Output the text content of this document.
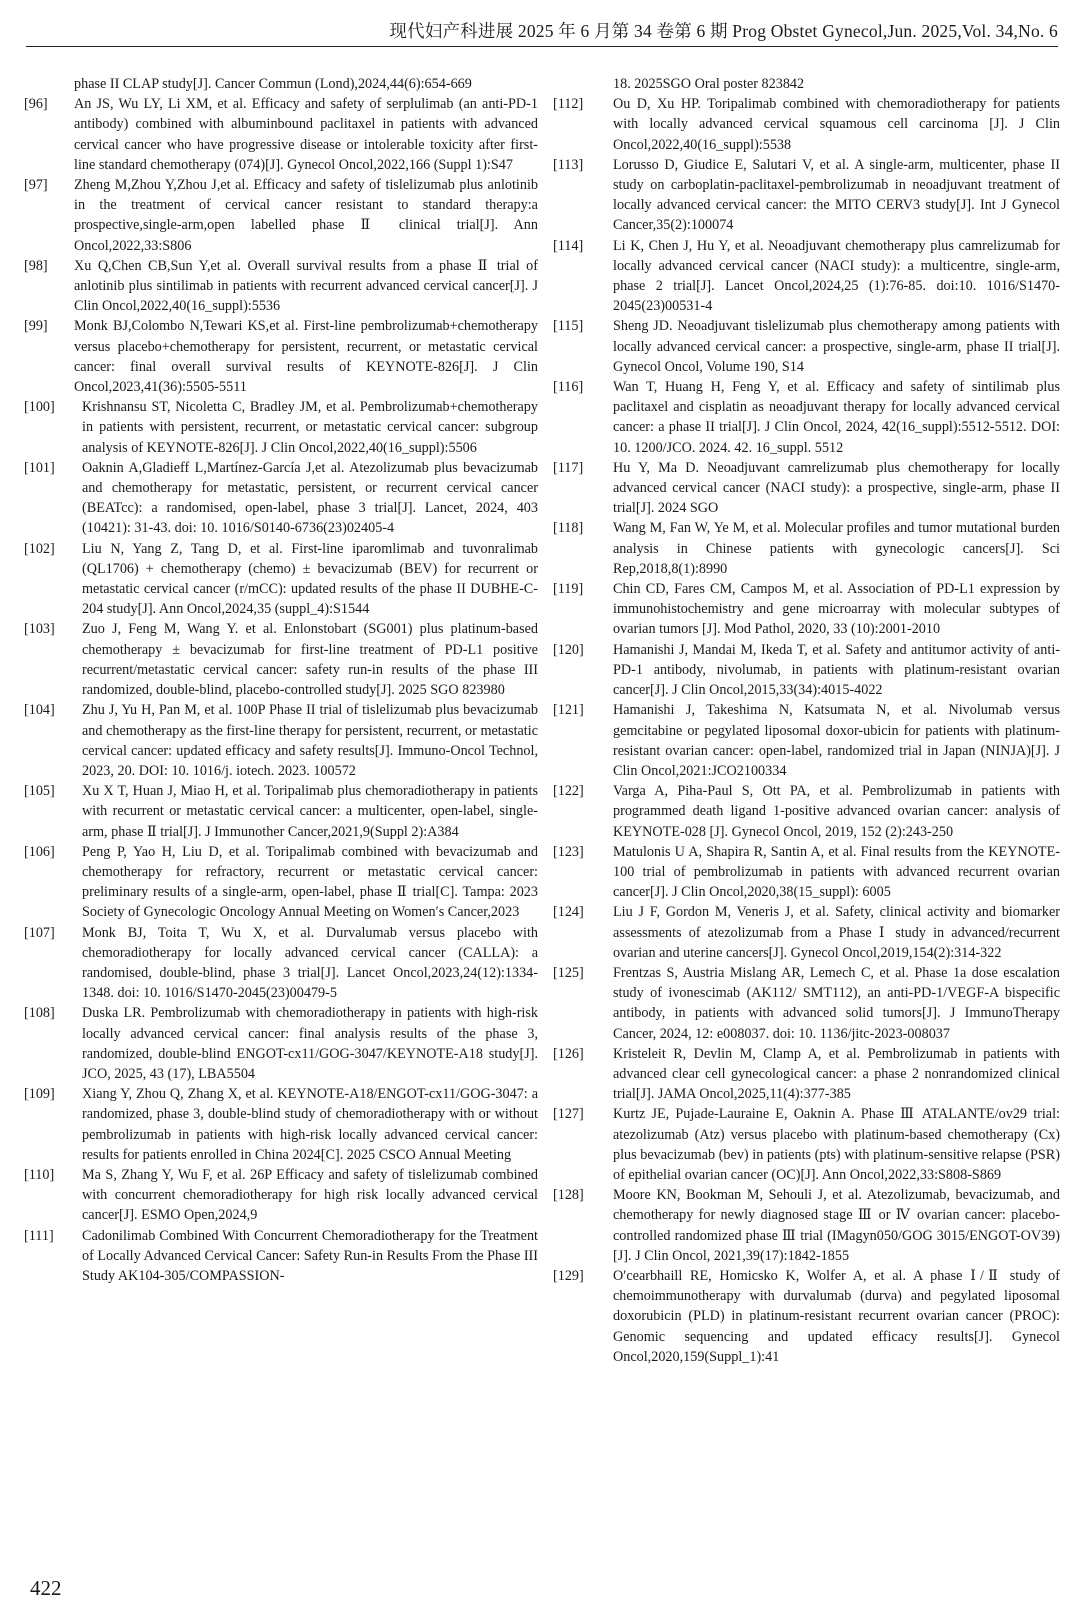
现代妇产科进展 2025 年 6 月第 34 卷第 6 期 Prog Obstet Gynecol,Jun. 2025,Vol. 34,No. 6
phase II CLAP study[J]. Cancer Commun (Lond),2024,44(6):654-669
[96]	An JS, Wu LY, Li XM, et al. Efficacy and safety of serplulimab (an anti-PD-1 antibody) combined with albuminbound paclitaxel in patients with advanced cervical cancer who have progressive disease or intolerable toxicity after first-line standard chemotherapy (074)[J]. Gynecol Oncol,2022,166 (Suppl 1):S47
[97]	Zheng M,Zhou Y,Zhou J,et al. Efficacy and safety of tislelizumab plus anlotinib in the treatment of cervical cancer resistant to standard therapy:a prospective,single-arm,open labelled phase Ⅱ clinical trial[J]. Ann Oncol,2022,33:S806
[98]	Xu Q,Chen CB,Sun Y,et al. Overall survival results from a phase Ⅱ trial of anlotinib plus sintilimab in patients with recurrent advanced cervical cancer[J]. J Clin Oncol,2022,40(16_suppl):5536
[99]	Monk BJ,Colombo N,Tewari KS,et al. First-line pembrolizumab+chemotherapy versus placebo+chemotherapy for persistent, recurrent, or metastatic cervical cancer: final overall survival results of KEYNOTE-826[J]. J Clin Oncol,2023,41(36):5505-5511
[100]	Krishnansu ST, Nicoletta C, Bradley JM, et al. Pembrolizumab+chemotherapy in patients with persistent, recurrent, or metastatic cervical cancer: subgroup analysis of KEYNOTE-826[J]. J Clin Oncol,2022,40(16_suppl):5506
[101]	Oaknin A,Gladieff L,Martínez-García J,et al. Atezolizumab plus bevacizumab and chemotherapy for metastatic, persistent, or recurrent cervical cancer (BEATcc): a randomised, open-label, phase 3 trial[J]. Lancet, 2024, 403 (10421): 31-43. doi: 10. 1016/S0140-6736(23)02405-4
[102]	Liu N, Yang Z, Tang D, et al. First-line iparomlimab and tuvonralimab (QL1706) + chemotherapy (chemo) ± bevacizumab (BEV) for recurrent or metastatic cervical cancer (r/mCC): updated results of the phase II DUBHE-C-204 study[J]. Ann Oncol,2024,35 (suppl_4):S1544
[103]	Zuo J, Feng M, Wang Y. et al. Enlonstobart (SG001) plus platinum-based chemotherapy ± bevacizumab for first-line treatment of PD-L1 positive recurrent/metastatic cervical cancer: safety run-in results of the phase III randomized, double-blind, placebo-controlled study[J]. 2025 SGO 823980
[104]	Zhu J, Yu H, Pan M, et al. 100P Phase II trial of tislelizumab plus bevacizumab and chemotherapy as the first-line therapy for persistent, recurrent, or metastatic cervical cancer: updated efficacy and safety results[J]. Immuno-Oncol Technol, 2023, 20. DOI: 10. 1016/j. iotech. 2023. 100572
[105]	Xu X T, Huan J, Miao H, et al. Toripalimab plus chemoradiotherapy in patients with recurrent or metastatic cervical cancer: a multicenter, open-label, single-arm, phase Ⅱ trial[J]. J Immunother Cancer,2021,9(Suppl 2):A384
[106]	Peng P, Yao H, Liu D, et al. Toripalimab combined with bevacizumab and chemotherapy for refractory, recurrent or metastatic cervical cancer: preliminary results of a single-arm, open-label, phase Ⅱ trial[C]. Tampa: 2023 Society of Gynecologic Oncology Annual Meeting on Women′s Cancer,2023
[107]	Monk BJ, Toita T, Wu X, et al. Durvalumab versus placebo with chemoradiotherapy for locally advanced cervical cancer (CALLA): a randomised, double-blind, phase 3 trial[J]. Lancet Oncol,2023,24(12):1334-1348. doi: 10. 1016/S1470-2045(23)00479-5
[108]	Duska LR. Pembrolizumab with chemoradiotherapy in patients with high-risk locally advanced cervical cancer: final analysis results of the phase 3, randomized, double-blind ENGOT-cx11/GOG-3047/KEYNOTE-A18 study[J]. JCO, 2025, 43 (17), LBA5504
[109]	Xiang Y, Zhou Q, Zhang X, et al. KEYNOTE-A18/ENGOT-cx11/GOG-3047: a randomized, phase 3, double-blind study of chemoradiotherapy with or without pembrolizumab in patients with high-risk locally advanced cervical cancer: results for patients enrolled in China 2024[C]. 2025 CSCO Annual Meeting
[110]	Ma S, Zhang Y, Wu F, et al. 26P Efficacy and safety of tislelizumab combined with concurrent chemoradiotherapy for high risk locally advanced cervical cancer[J]. ESMO Open,2024,9
[111]	Cadonilimab Combined With Concurrent Chemoradiotherapy for the Treatment of Locally Advanced Cervical Cancer: Safety Run-in Results From the Phase III Study AK104-305/COMPASSION-
18. 2025SGO Oral poster 823842
[112]	Ou D, Xu HP. Toripalimab combined with chemoradiotherapy for patients with locally advanced cervical squamous cell carcinoma [J]. J Clin Oncol,2022,40(16_suppl):5538
[113]	Lorusso D, Giudice E, Salutari V, et al. A single-arm, multicenter, phase II study on carboplatin-paclitaxel-pembrolizumab in neoadjuvant treatment of locally advanced cervical cancer: the MITO CERV3 study[J]. Int J Gynecol Cancer,35(2):100074
[114]	Li K, Chen J, Hu Y, et al. Neoadjuvant chemotherapy plus camrelizumab for locally advanced cervical cancer (NACI study): a multicentre, single-arm, phase 2 trial[J]. Lancet Oncol,2024,25 (1):76-85. doi:10. 1016/S1470-2045(23)00531-4
[115]	Sheng JD. Neoadjuvant tislelizumab plus chemotherapy among patients with locally advanced cervical cancer: a prospective, single-arm, phase II trial[J]. Gynecol Oncol, Volume 190, S14
[116]	Wan T, Huang H, Feng Y, et al. Efficacy and safety of sintilimab plus paclitaxel and cisplatin as neoadjuvant therapy for locally advanced cervical cancer: a phase II trial[J]. J Clin Oncol, 2024, 42(16_suppl):5512-5512. DOI: 10. 1200/JCO. 2024. 42. 16_suppl. 5512
[117]	Hu Y, Ma D. Neoadjuvant camrelizumab plus chemotherapy for locally advanced cervical cancer (NACI study): a prospective, single-arm, phase II trial[J]. 2024 SGO
[118]	Wang M, Fan W, Ye M, et al. Molecular profiles and tumor mutational burden analysis in Chinese patients with gynecologic cancers[J]. Sci Rep,2018,8(1):8990
[119]	Chin CD, Fares CM, Campos M, et al. Association of PD-L1 expression by immunohistochemistry and gene microarray with molecular subtypes of ovarian tumors [J]. Mod Pathol, 2020, 33 (10):2001-2010
[120]	Hamanishi J, Mandai M, Ikeda T, et al. Safety and antitumor activity of anti-PD-1 antibody, nivolumab, in patients with platinum-resistant ovarian cancer[J]. J Clin Oncol,2015,33(34):4015-4022
[121]	Hamanishi J, Takeshima N, Katsumata N, et al. Nivolumab versus gemcitabine or pegylated liposomal doxor-ubicin for patients with platinum-resistant ovarian cancer: open-label, randomized trial in Japan (NINJA)[J]. J Clin Oncol,2021:JCO2100334
[122]	Varga A, Piha-Paul S, Ott PA, et al. Pembrolizumab in patients with programmed death ligand 1-positive advanced ovarian cancer: analysis of KEYNOTE-028 [J]. Gynecol Oncol, 2019, 152 (2):243-250
[123]	Matulonis U A, Shapira R, Santin A, et al. Final results from the KEYNOTE-100 trial of pembrolizumab in patients with advanced recurrent ovarian cancer[J]. J Clin Oncol,2020,38(15_suppl): 6005
[124]	Liu J F, Gordon M, Veneris J, et al. Safety, clinical activity and biomarker assessments of atezolizumab from a Phase Ⅰ study in advanced/recurrent ovarian and uterine cancers[J]. Gynecol Oncol,2019,154(2):314-322
[125]	Frentzas S, Austria Mislang AR, Lemech C, et al. Phase 1a dose escalation study of ivonescimab (AK112/ SMT112), an anti-PD-1/VEGF-A bispecific antibody, in patients with advanced solid tumors[J]. J ImmunoTherapy Cancer, 2024, 12: e008037. doi: 10. 1136/jitc-2023-008037
[126]	Kristeleit R, Devlin M, Clamp A, et al. Pembrolizumab in patients with advanced clear cell gynecological cancer: a phase 2 nonrandomized clinical trial[J]. JAMA Oncol,2025,11(4):377-385
[127]	Kurtz JE, Pujade-Lauraine E, Oaknin A. Phase Ⅲ ATALANTE/ov29 trial: atezolizumab (Atz) versus placebo with platinum-based chemotherapy (Cx) plus bevacizumab (bev) in patients (pts) with platinum-sensitive relapse (PSR) of epithelial ovarian cancer (OC)[J]. Ann Oncol,2022,33:S808-S869
[128]	Moore KN, Bookman M, Sehouli J, et al. Atezolizumab, bevacizumab, and chemotherapy for newly diagnosed stage Ⅲ or Ⅳ ovarian cancer: placebo-controlled randomized phase Ⅲ trial (IMagyn050/GOG 3015/ENGOT-OV39) [J]. J Clin Oncol, 2021,39(17):1842-1855
[129]	O′cearbhaill RE, Homicsko K, Wolfer A, et al. A phase Ⅰ/Ⅱ study of chemoimmunotherapy with durvalumab (durva) and pegylated liposomal doxorubicin (PLD) in platinum-resistant recurrent ovarian cancer (PROC): Genomic sequencing and updated efficacy results[J]. Gynecol Oncol,2020,159(Suppl_1):41
422
